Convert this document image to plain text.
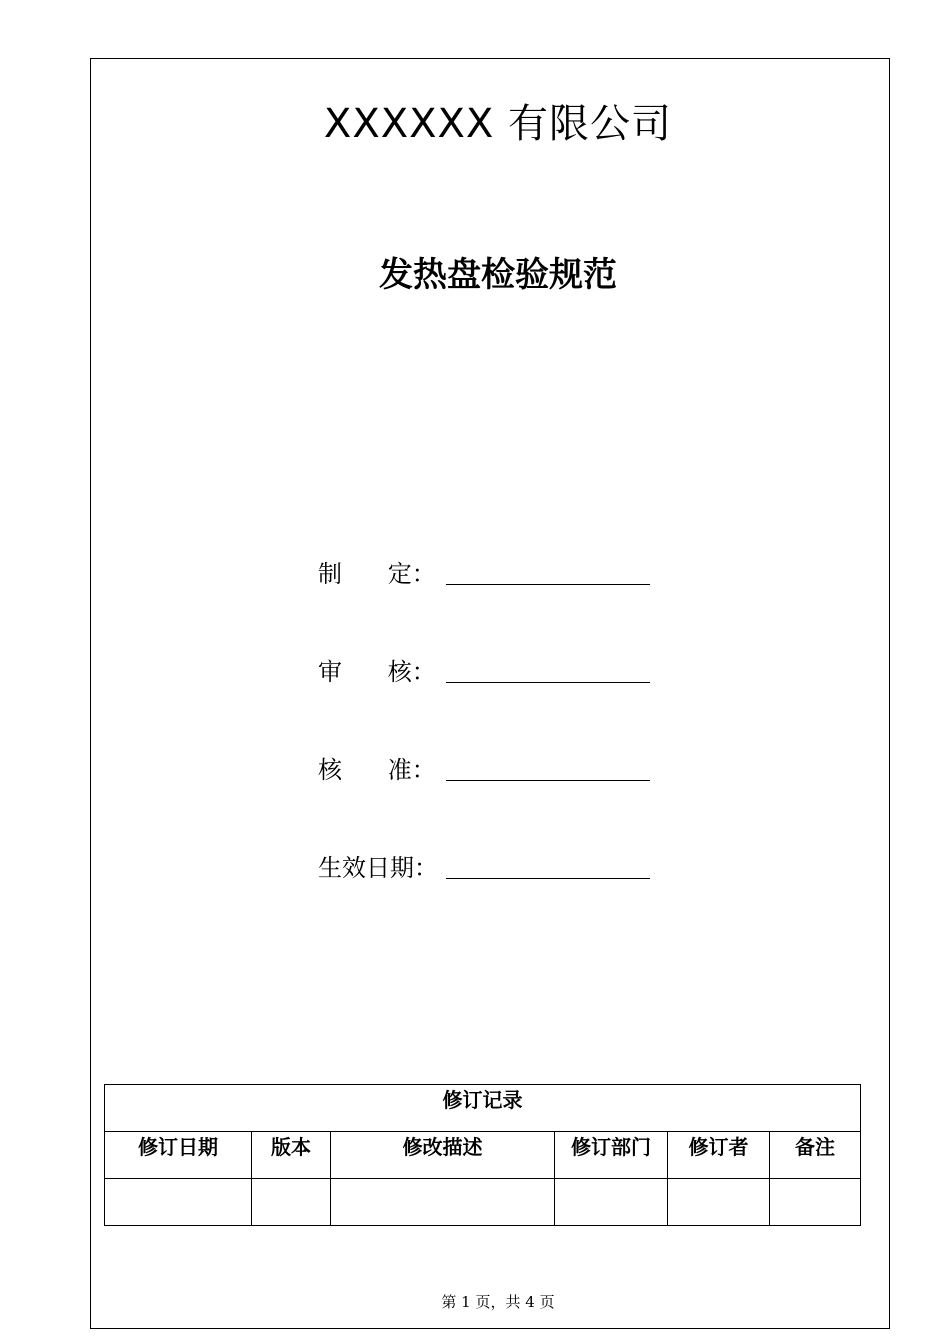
XXXXXX 有限公司
发热盘检验规范
制      定：
审      核：
核      准：
生效日期：
修订记录					
修订日期	版本	修改描述	修订部门	修订者	备注

第 1 页，共 4 页
